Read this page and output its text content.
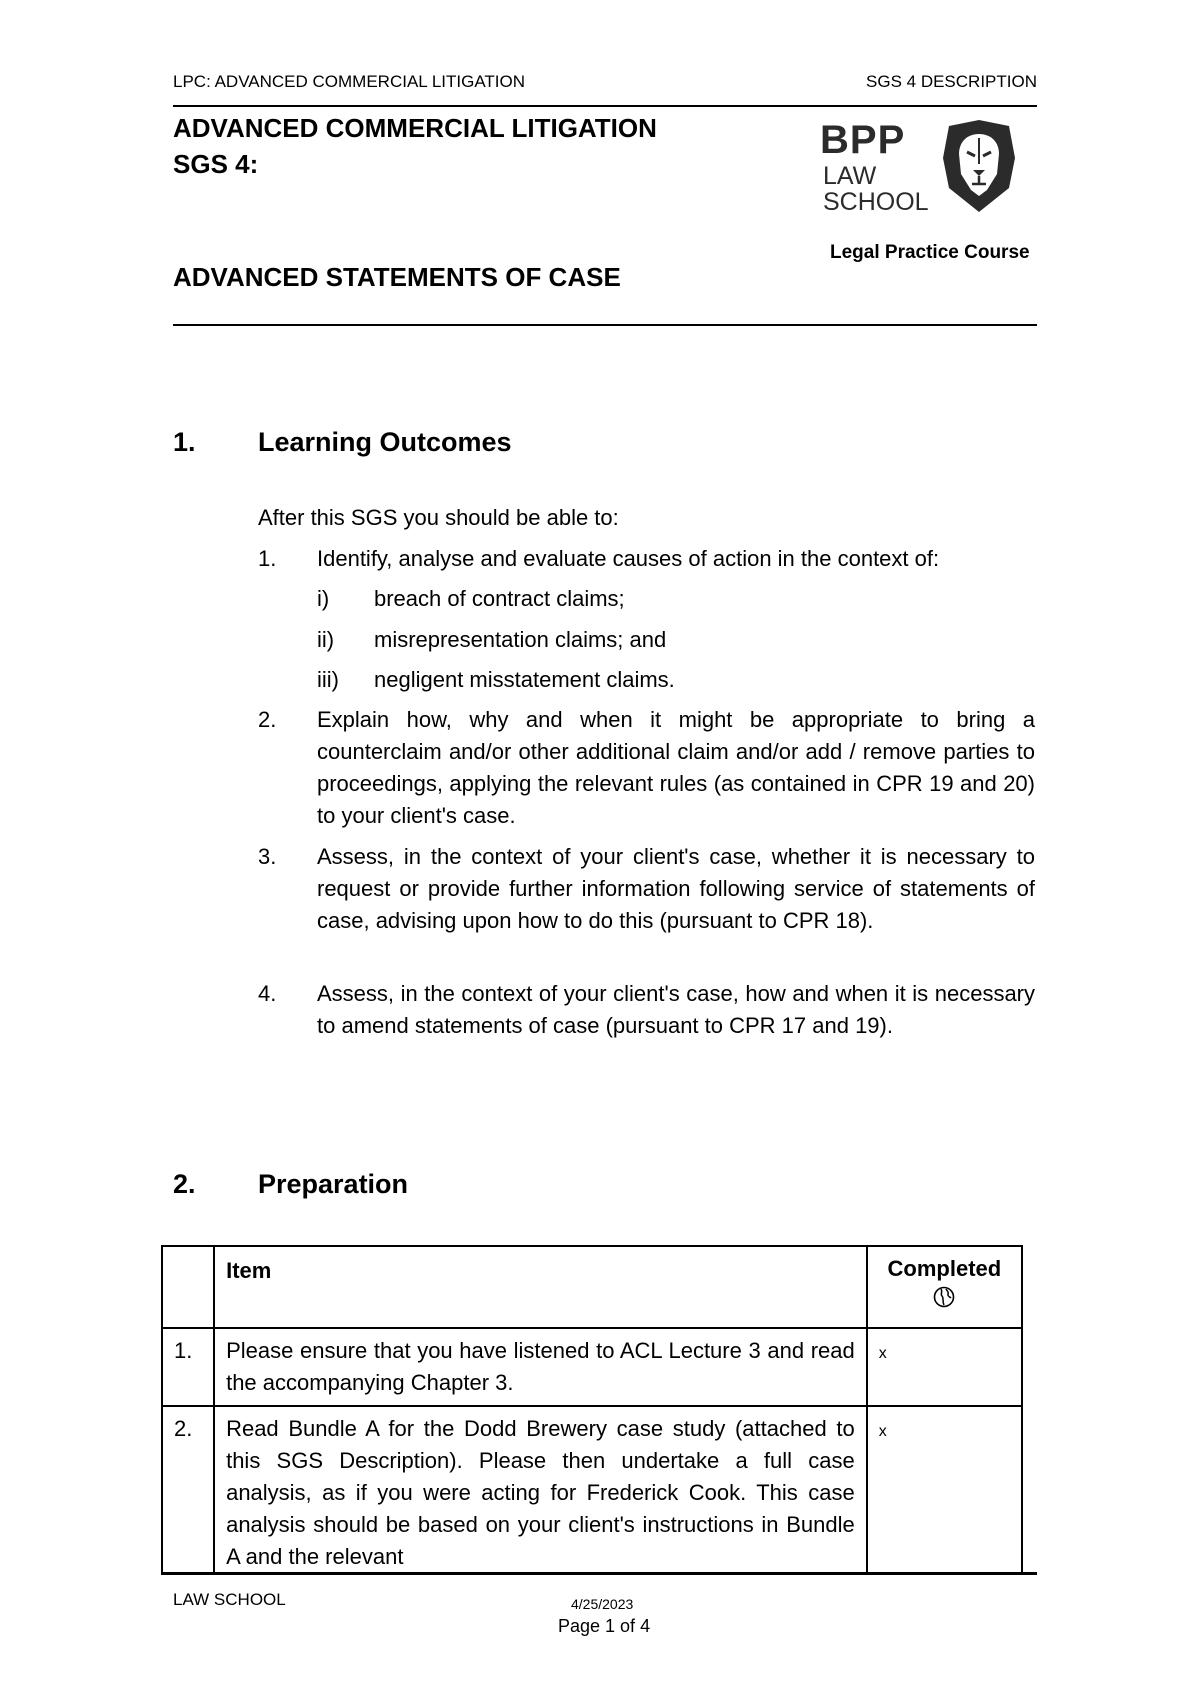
LPC: ADVANCED COMMERCIAL LITIGATION	SGS 4 DESCRIPTION
ADVANCED COMMERCIAL LITIGATION
SGS 4:
BPP
LAW
SCHOOL
Legal Practice Course
ADVANCED STATEMENTS OF CASE
1. Learning Outcomes
After this SGS you should be able to:
1. Identify, analyse and evaluate causes of action in the context of:
i) breach of contract claims;
ii) misrepresentation claims; and
iii) negligent misstatement claims.
2. Explain how, why and when it might be appropriate to bring a counterclaim and/or other additional claim and/or add / remove parties to proceedings, applying the relevant rules (as contained in CPR 19 and 20) to your client's case.
3. Assess, in the context of your client's case, whether it is necessary to request or provide further information following service of statements of case, advising upon how to do this (pursuant to CPR 18).
4. Assess, in the context of your client's case, how and when it is necessary to amend statements of case (pursuant to CPR 17 and 19).
2. Preparation

	Item	Completed

1.	Please ensure that you have listened to ACL Lecture 3 and read the accompanying Chapter 3.	x
2.	Read Bundle A for the Dodd Brewery case study (attached to this SGS Description). Please then undertake a full case analysis, as if you were acting for Frederick Cook. This case analysis should be based on your client's instructions in Bundle A and the relevant	x
LAW SCHOOL	4/25/2023
Page 1 of 4
